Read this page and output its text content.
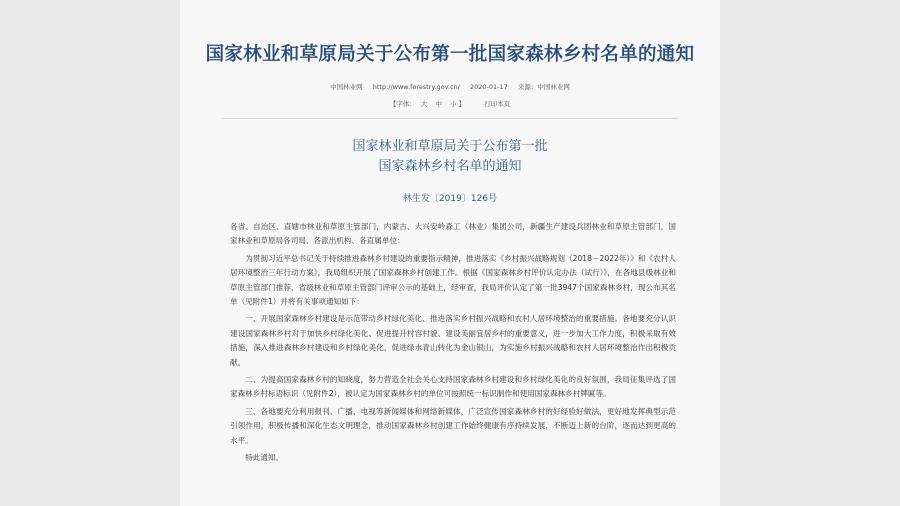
国家林业和草原局关于公布第一批国家森林乡村名单的通知
中国林业网 http://www.forestry.gov.cn/ 2020-01-17 来源：中国林业网
【字体： 大 中 小 】	打印本页
国家林业和草原局关于公布第一批
国家森林乡村名单的通知
林生发〔2019〕126号

各省、自治区、直辖市林业和草原主管部门，内蒙古、大兴安岭森工（林业）集团公司，新疆生产建设兵团林业和草原主管部门，国家林业和草原局各司局、各派出机构、各直属单位：

为贯彻习近平总书记关于持续推进森林乡村建设的重要指示精神，推进落实《乡村振兴战略规划（2018－2022年）》和《农村人居环境整治三年行动方案》，我局组织开展了国家森林乡村创建工作。根据《国家森林乡村评价认定办法（试行）》，在各地县级林业和草原主管部门推荐、省级林业和草原主管部门评审公示的基础上，经审查，我局评价认定了第一批3947个国家森林乡村，现公布其名单（见附件1）并将有关事项通知如下：

一、开展国家森林乡村建设是示范带动乡村绿化美化、推进落实乡村振兴战略和农村人居环境整治的重要措施。各地要充分认识建设国家森林乡村对于加快乡村绿化美化、促进提升村容村貌、建设美丽宜居乡村的重要意义，进一步加大工作力度，积极采取有效措施，深入推进森林乡村建设和乡村绿化美化，促进绿水青山转化为金山银山，为实施乡村振兴战略和农村人居环境整治作出积极贡献。

二、为提高国家森林乡村的知晓度，努力营造全社会关心支持国家森林乡村建设和乡村绿化美化的良好氛围，我局征集评选了国家森林乡村标语标识（见附件2），被认定为国家森林乡村的单位可按照统一标识制作和使用国家森林乡村牌匾等。

三、各地要充分利用报刊、广播、电视等新闻媒体和网络新媒体，广泛宣传国家森林乡村的好经验好做法，更好地发挥典型示范引领作用，积极传播和深化生态文明理念，推动国家森林乡村创建工作始终健康有序持续发展，不断迈上新的台阶，逐而达到更高的水平。

特此通知。
